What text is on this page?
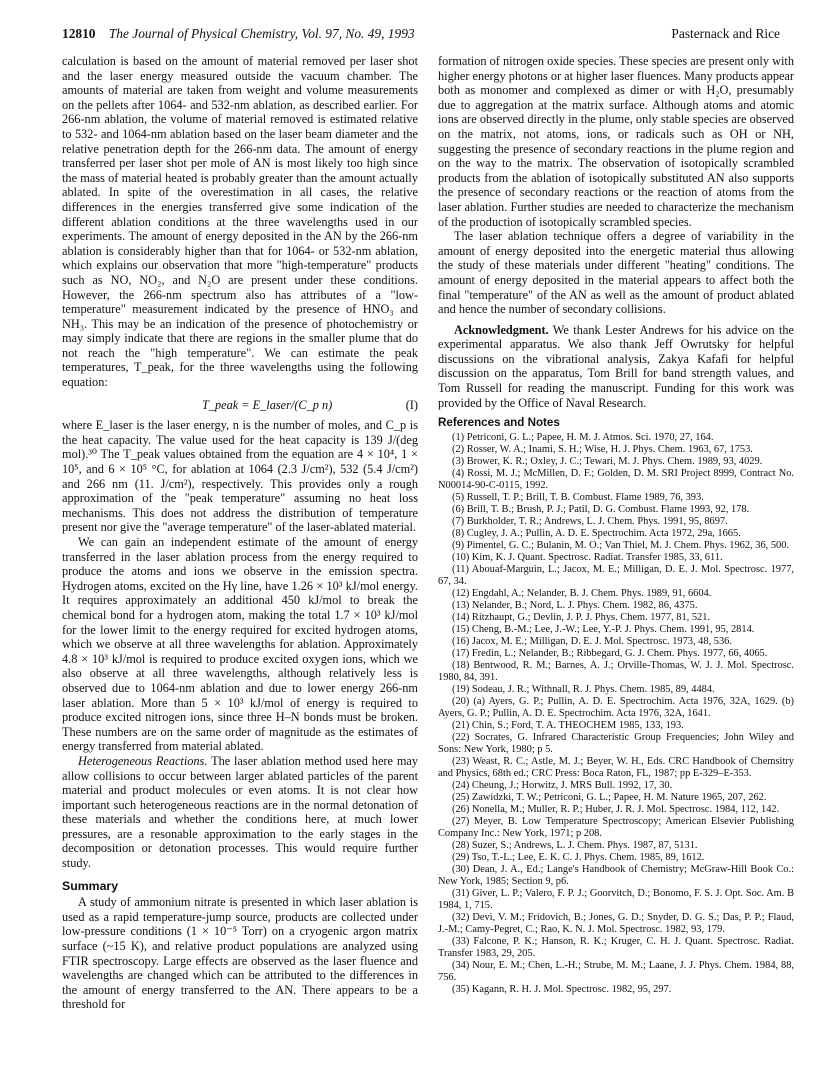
12810 The Journal of Physical Chemistry, Vol. 97, No. 49, 1993	Pasternack and Rice

calculation is based on the amount of material removed per laser shot and the laser energy measured outside the vacuum chamber. The amounts of material are taken from weight and volume measurements on the pellets after 1064- and 532-nm ablation, as described earlier. For 266-nm ablation, the volume of material removed is estimated relative to 532- and 1064-nm ablation based on the laser beam diameter and the relative penetration depth for the 266-nm data. The amount of energy transferred per laser shot per mole of AN is most likely too high since the mass of material heated is probably greater than the amount actually ablated. In spite of the overestimation in all cases, the relative differences in the energies transferred give some indication of the different ablation conditions at the three wavelengths used in our experiments. The amount of energy deposited in the AN by the 266-nm ablation is considerably higher than that for 1064- or 532-nm ablation, which explains our observation that more "high-temperature" products such as NO, NO₂, and N₂O are present under these conditions. However, the 266-nm spectrum also has attributes of a "low-temperature" measurement indicated by the presence of HNO₃ and NH₃. This may be an indication of the presence of photochemistry or may simply indicate that there are regions in the smaller plume that do not reach the "high temperature". We can estimate the peak temperatures, T_peak, for the three wavelengths using the following equation:

T_peak = E_laser/(C_p n)	(I)

where E_laser is the laser energy, n is the number of moles, and C_p is the heat capacity. The value used for the heat capacity is 139 J/(deg mol).³⁰ The T_peak values obtained from the equation are 4 × 10⁴, 1 × 10⁵, and 6 × 10⁵ °C, for ablation at 1064 (2.3 J/cm²), 532 (5.4 J/cm²) and 266 nm (11. J/cm²), respectively. This provides only a rough approximation of the "peak temperature" assuming no heat loss mechanisms. This does not address the distribution of temperature present nor give the "average temperature" of the laser-ablated material.

We can gain an independent estimate of the amount of energy transferred in the laser ablation process from the energy required to produce the atoms and ions we observe in the emission spectra. Hydrogen atoms, excited on the Hγ line, have 1.26 × 10³ kJ/mol energy. It requires approximately an additional 450 kJ/mol to break the chemical bond for a hydrogen atom, making the total 1.7 × 10³ kJ/mol for the lower limit to the energy required for excited hydrogen atoms, which we observe at all three wavelengths for ablation. Approximately 4.8 × 10³ kJ/mol is required to produce excited oxygen ions, which we also observe at all three wavelengths, although relatively less is observed due to 1064-nm ablation and due to lower energy 266-nm laser ablation. More than 5 × 10³ kJ/mol of energy is required to produce excited nitrogen ions, since three H–N bonds must be broken. These numbers are on the same order of magnitude as the estimates of energy transferred from material ablated.

Heterogeneous Reactions. The laser ablation method used here may allow collisions to occur between larger ablated particles of the parent material and product molecules or even atoms. It is not clear how important such heterogeneous reactions are in the normal detonation of these materials and whether the conditions here, at much lower pressures, are a resonable approximation to the early stages in the decomposition or detonation processes. This would require further study.

Summary

A study of ammonium nitrate is presented in which laser ablation is used as a rapid temperature-jump source, products are collected under low-pressure conditions (1 × 10⁻⁵ Torr) on a cryogenic argon matrix surface (~15 K), and relative product populations are analyzed using FTIR spectroscopy. Large effects are observed as the laser fluence and wavelengths are changed which can be attributed to the differences in the amount of energy transferred to the AN. There appears to be a threshold for

formation of nitrogen oxide species. These species are present only with higher energy photons or at higher laser fluences. Many products appear both as monomer and complexed as dimer or with H₂O, presumably due to aggregation at the matrix surface. Although atoms and atomic ions are observed directly in the plume, only stable species are observed on the matrix, not atoms, ions, or radicals such as OH or NH, suggesting the presence of secondary reactions in the plume region and on the way to the matrix. The observation of isotopically scrambled products from the ablation of isotopically substituted AN also supports the presence of secondary reactions or the reaction of atoms from the laser ablation. Further studies are needed to characterize the mechanism of the production of isotopically scrambled species.

The laser ablation technique offers a degree of variability in the amount of energy deposited into the energetic material thus allowing the study of these materials under different "heating" conditions. The amount of energy deposited in the material appears to affect both the final "temperature" of the AN as well as the amount of product ablated and hence the number of secondary collisions.

Acknowledgment. We thank Lester Andrews for his advice on the experimental apparatus. We also thank Jeff Owrutsky for helpful discussions on the vibrational analysis, Zakya Kafafi for helpful discussion on the apparatus, Tom Brill for band strength values, and Tom Russell for reading the manuscript. Funding for this work was provided by the Office of Naval Research.

References and Notes
(1) Petriconi, G. L.; Papee, H. M. J. Atmos. Sci. 1970, 27, 164.
(2) Rosser, W. A.; Inami, S. H.; Wise, H. J. Phys. Chem. 1963, 67, 1753.
(3) Brower, K. R.; Oxley, J. C.; Tewari, M. J. Phys. Chem. 1989, 93, 4029.
(4) Rossi, M. J.; McMillen, D. F.; Golden, D. M. SRI Project 8999, Contract No. N00014-90-C-0115, 1992.
(5) Russell, T. P.; Brill, T. B. Combust. Flame 1989, 76, 393.
(6) Brill, T. B.; Brush, P. J.; Patil, D. G. Combust. Flame 1993, 92, 178.
(7) Burkholder, T. R.; Andrews, L. J. Chem. Phys. 1991, 95, 8697.
(8) Cugley, J. A.; Pullin, A. D. E. Spectrochim. Acta 1972, 29a, 1665.
(9) Pimentel, G. C.; Bulanin, M. O.; Van Thiel, M. J. Chem. Phys. 1962, 36, 500.
(10) Kim, K. J. Quant. Spectrosc. Radiat. Transfer 1985, 33, 611.
(11) Abouaf-Marguin, L.; Jacox, M. E.; Milligan, D. E. J. Mol. Spectrosc. 1977, 67, 34.
(12) Engdahl, A.; Nelander, B. J. Chem. Phys. 1989, 91, 6604.
(13) Nelander, B.; Nord, L. J. Phys. Chem. 1982, 86, 4375.
(14) Ritzhaupt, G.; Devlin, J. P. J. Phys. Chem. 1977, 81, 521.
(15) Cheng, B.-M.; Lee, J.-W.; Lee, Y.-P. J. Phys. Chem. 1991, 95, 2814.
(16) Jacox, M. E.; Milligan, D. E. J. Mol. Spectrosc. 1973, 48, 536.
(17) Fredin, L.; Nelander, B.; Ribbegard, G. J. Chem. Phys. 1977, 66, 4065.
(18) Bentwood, R. M.; Barnes, A. J.; Orville-Thomas, W. J. J. Mol. Spectrosc. 1980, 84, 391.
(19) Sodeau, J. R.; Withnall, R. J. Phys. Chem. 1985, 89, 4484.
(20) (a) Ayers, G. P.; Pullin, A. D. E. Spectrochim. Acta 1976, 32A, 1629. (b) Ayers, G. P.; Pullin, A. D. E. Spectrochim. Acta 1976, 32A, 1641.
(21) Chin, S.; Ford, T. A. THEOCHEM 1985, 133, 193.
(22) Socrates, G. Infrared Characteristic Group Frequencies; John Wiley and Sons: New York, 1980; p 5.
(23) Weast, R. C.; Astle, M. J.; Beyer, W. H., Eds. CRC Handbook of Chemsitry and Physics, 68th ed.; CRC Press: Boca Raton, FL, 1987; pp E-329–E-353.
(24) Cheung, J.; Horwitz, J. MRS Bull. 1992, 17, 30.
(25) Zawidzki, T. W.; Petriconi, G. L.; Papee, H. M. Nature 1965, 207, 262.
(26) Nonella, M.; Muller, R. P.; Huber, J. R. J. Mol. Spectrosc. 1984, 112, 142.
(27) Meyer, B. Low Temperature Spectroscopy; American Elsevier Publishing Company Inc.: New York, 1971; p 208.
(28) Suzer, S.; Andrews, L. J. Chem. Phys. 1987, 87, 5131.
(29) Tso, T.-L.; Lee, E. K. C. J. Phys. Chem. 1985, 89, 1612.
(30) Dean, J. A., Ed.; Lange's Handbook of Chemistry; McGraw-Hill Book Co.: New York, 1985; Section 9, p6.
(31) Giver, L. P.; Valero, F. P. J.; Goorvitch, D.; Bonomo, F. S. J. Opt. Soc. Am. B 1984, 1, 715.
(32) Devi, V. M.; Fridovich, B.; Jones, G. D.; Snyder, D. G. S.; Das, P. P.; Flaud, J.-M.; Camy-Pegret, C.; Rao, K. N. J. Mol. Spectrosc. 1982, 93, 179.
(33) Falcone, P. K.; Hanson, R. K.; Kruger, C. H. J. Quant. Spectrosc. Radiat. Transfer 1983, 29, 205.
(34) Nour, E. M.; Chen, L.-H.; Strube, M. M.; Laane, J. J. Phys. Chem. 1984, 88, 756.
(35) Kagann, R. H. J. Mol. Spectrosc. 1982, 95, 297.
